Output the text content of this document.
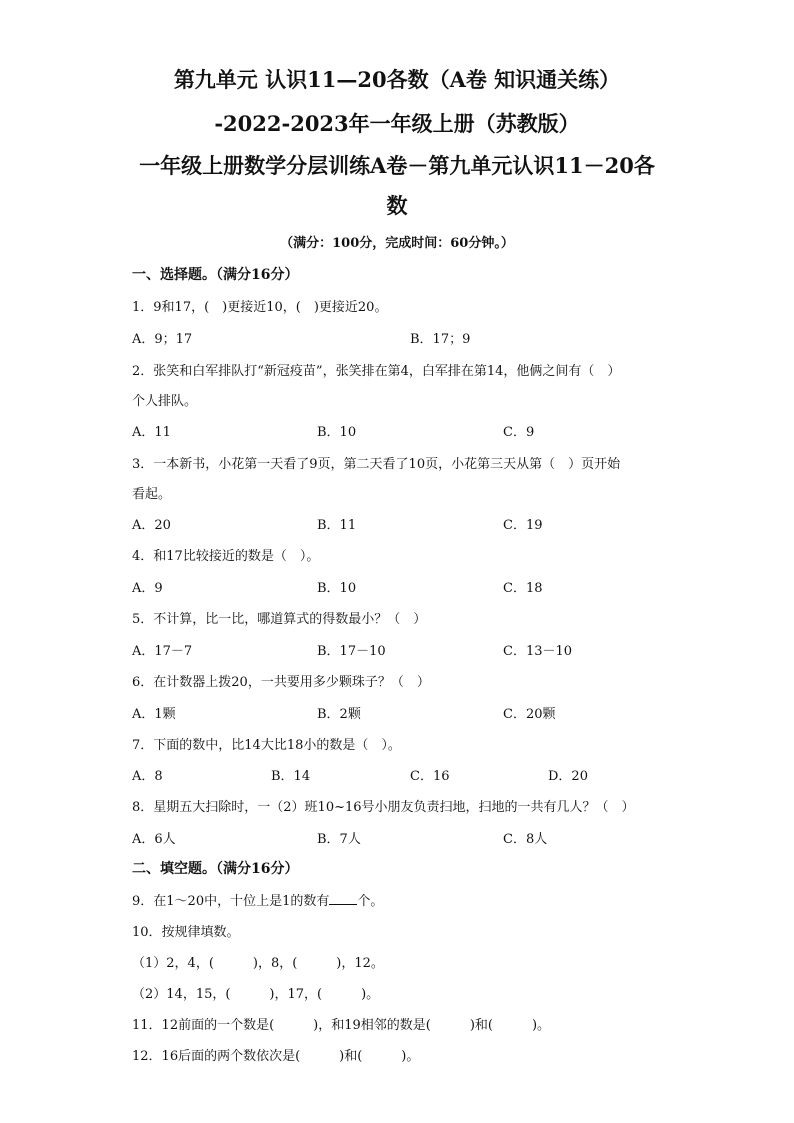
第九单元 认识11—20各数（A卷 知识通关练）
-2022-2023年一年级上册（苏教版）
一年级上册数学分层训练A卷－第九单元认识11－20各
数
（满分：100分，完成时间：60分钟。）
一、选择题。（满分16分）
1．9和17，(　)更接近10，(　)更接近20。
A．9；17	B．17；9
2．张笑和白军排队打“新冠疫苗”，张笑排在第4，白军排在第14，他俩之间有（　）
个人排队。
A．11	B．10	C．9
3．一本新书，小花第一天看了9页，第二天看了10页，小花第三天从第（　）页开始
看起。
A．20	B．11	C．19
4．和17比较接近的数是（　）。
A．9	B．10	C．18
5．不计算，比一比，哪道算式的得数最小？（　）
A．17－7	B．17－10	C．13－10
6．在计数器上拨20，一共要用多少颗珠子？（　）
A．1颗	B．2颗	C．20颗
7．下面的数中，比14大比18小的数是（　）。
A．8	B．14	C．16	D．20
8．星期五大扫除时，一（2）班10~16号小朋友负责扫地，扫地的一共有几人？（　）
A．6人	B．7人	C．8人
二、填空题。（满分16分）
9．在1～20中，十位上是1的数有 个。
10．按规律填数。
（1）2，4，(　　　)，8，(　　　)，12。
（2）14，15，(　　　)，17，(　　　)。
11．12前面的一个数是(　　　)，和19相邻的数是(　　　)和(　　　)。
12．16后面的两个数依次是(　　　)和(　　　)。
